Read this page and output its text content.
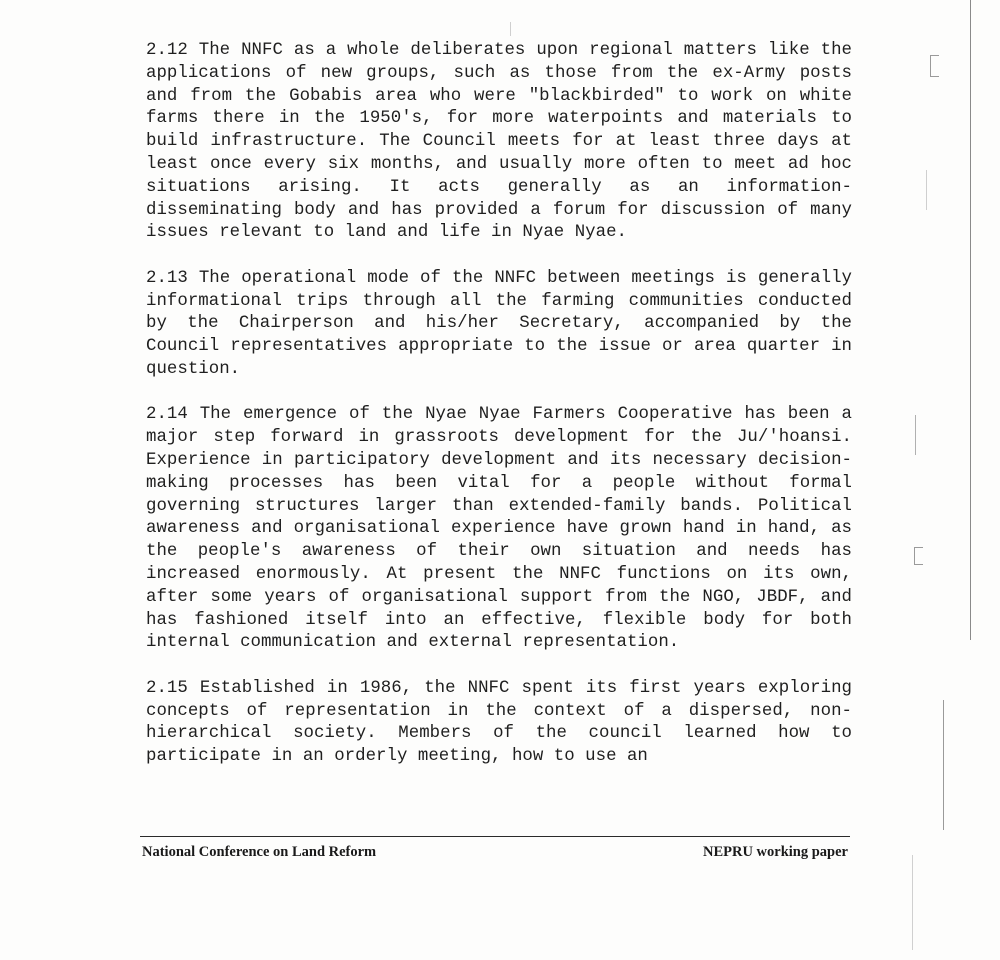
2.12 The NNFC as a whole deliberates upon regional matters like the applications of new groups, such as those from the ex-Army posts and from the Gobabis area who were "blackbirded" to work on white farms there in the 1950's, for more waterpoints and materials to build infrastructure. The Council meets for at least three days at least once every six months, and usually more often to meet ad hoc situations arising. It acts generally as an information-disseminating body and has provided a forum for discussion of many issues relevant to land and life in Nyae Nyae.

2.13 The operational mode of the NNFC between meetings is generally informational trips through all the farming communities conducted by the Chairperson and his/her Secretary, accompanied by the Council representatives appropriate to the issue or area quarter in question.

2.14 The emergence of the Nyae Nyae Farmers Cooperative has been a major step forward in grassroots development for the Ju/'hoansi. Experience in participatory development and its necessary decision-making processes has been vital for a people without formal governing structures larger than extended-family bands. Political awareness and organisational experience have grown hand in hand, as the people's awareness of their own situation and needs has increased enormously. At present the NNFC functions on its own, after some years of organisational support from the NGO, JBDF, and has fashioned itself into an effective, flexible body for both internal communication and external representation.

2.15 Established in 1986, the NNFC spent its first years exploring concepts of representation in the context of a dispersed, non-hierarchical society. Members of the council learned how to participate in an orderly meeting, how to use an

National Conference on Land Reform	NEPRU working paper
